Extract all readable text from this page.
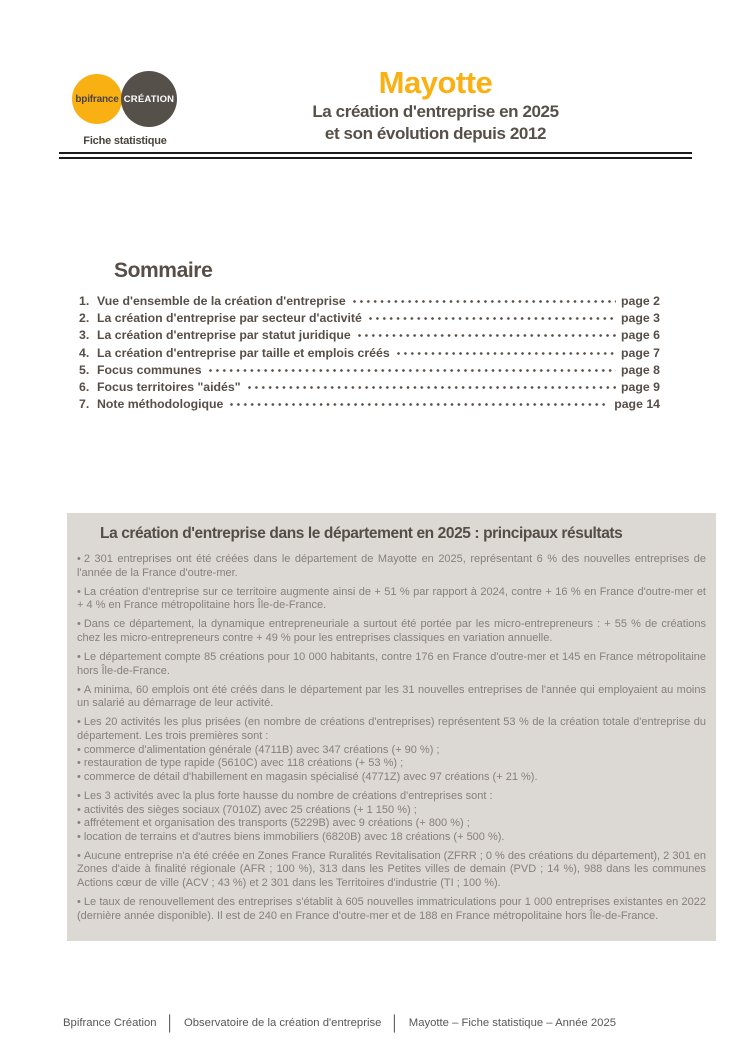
bpifrance CRÉATION
Fiche statistique
Mayotte
La création d'entreprise en 2025
et son évolution depuis 2012
Sommaire
1. Vue d'ensemble de la création d'entreprise	page 2
2. La création d'entreprise par secteur d'activité	page 3
3. La création d'entreprise par statut juridique	page 6
4. La création d'entreprise par taille et emplois créés	page 7
5. Focus communes	page 8
6. Focus territoires "aidés"	page 9
7. Note méthodologique	page 14
La création d'entreprise dans le département en 2025 : principaux résultats

• 2 301 entreprises ont été créées dans le département de Mayotte en 2025, représentant 6 % des nouvelles entreprises de l'année de la France d'outre-mer.

• La création d'entreprise sur ce territoire augmente ainsi de + 51 % par rapport à 2024, contre + 16 % en France d'outre-mer et + 4 % en France métropolitaine hors Île-de-France.

• Dans ce département, la dynamique entrepreneuriale a surtout été portée par les micro-entrepreneurs : + 55 % de créations chez les micro-entrepreneurs contre + 49 % pour les entreprises classiques en variation annuelle.

• Le département compte 85 créations pour 10 000 habitants, contre 176 en France d'outre-mer et 145 en France métropolitaine hors Île-de-France.

• A minima, 60 emplois ont été créés dans le département par les 31 nouvelles entreprises de l'année qui employaient au moins un salarié au démarrage de leur activité.

• Les 20 activités les plus prisées (en nombre de créations d'entreprises) représentent 53 % de la création totale d'entreprise du département. Les trois premières sont :

• commerce d'alimentation générale (4711B) avec 347 créations (+ 90 %) ;

• restauration de type rapide (5610C) avec 118 créations (+ 53 %) ;

• commerce de détail d'habillement en magasin spécialisé (4771Z) avec 97 créations (+ 21 %).

• Les 3 activités avec la plus forte hausse du nombre de créations d'entreprises sont :

• activités des sièges sociaux (7010Z) avec 25 créations (+ 1 150 %) ;

• affrétement et organisation des transports (5229B) avec 9 créations (+ 800 %) ;

• location de terrains et d'autres biens immobiliers (6820B) avec 18 créations (+ 500 %).

• Aucune entreprise n'a été créée en Zones France Ruralités Revitalisation (ZFRR ; 0 % des créations du département), 2 301 en Zones d'aide à finalité régionale (AFR ; 100 %), 313 dans les Petites villes de demain (PVD ; 14 %), 988 dans les communes Actions cœur de ville (ACV ; 43 %) et 2 301 dans les Territoires d'industrie (TI ; 100 %).

• Le taux de renouvellement des entreprises s'établit à 605 nouvelles immatriculations pour 1 000 entreprises existantes en 2022 (dernière année disponible). Il est de 240 en France d'outre-mer et de 188 en France métropolitaine hors Île-de-France.

Bpifrance Création │ Observatoire de la création d'entreprise │ Mayotte – Fiche statistique – Année 2025
